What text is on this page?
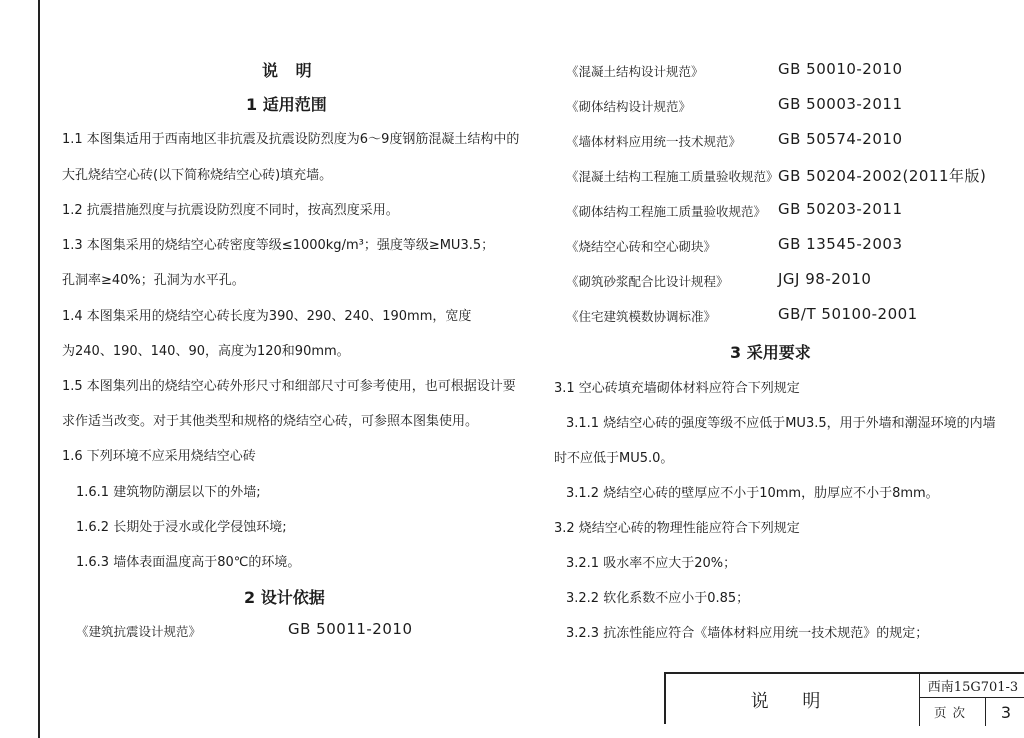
说 明
1 适用范围
1.1 本图集适用于西南地区非抗震及抗震设防烈度为6～9度钢筋混凝土结构中的
大孔烧结空心砖(以下简称烧结空心砖)填充墙。
1.2 抗震措施烈度与抗震设防烈度不同时，按高烈度采用。
1.3 本图集采用的烧结空心砖密度等级≤1000kg/m³；强度等级≥MU3.5；
孔洞率≥40%；孔洞为水平孔。
1.4 本图集采用的烧结空心砖长度为390、290、240、190mm，宽度
为240、190、140、90，高度为120和90mm。
1.5 本图集列出的烧结空心砖外形尺寸和细部尺寸可参考使用，也可根据设计要
求作适当改变。对于其他类型和规格的烧结空心砖，可参照本图集使用。
1.6 下列环境不应采用烧结空心砖
1.6.1 建筑物防潮层以下的外墙;
1.6.2 长期处于浸水或化学侵蚀环境;
1.6.3 墙体表面温度高于80℃的环境。
2 设计依据
《建筑抗震设计规范》	GB 50011-2010
《混凝土结构设计规范》	GB 50010-2010
《砌体结构设计规范》	GB 50003-2011
《墙体材料应用统一技术规范》 GB 50574-2010
《混凝土结构工程施工质量验收规范》 GB 50204-2002(2011年版)
《砌体结构工程施工质量验收规范》 GB 50203-2011
《烧结空心砖和空心砌块》	GB 13545-2003
《砌筑砂浆配合比设计规程》	JGJ 98-2010
《住宅建筑模数协调标准》	GB/T 50100-2001
3 采用要求
3.1 空心砖填充墙砌体材料应符合下列规定
3.1.1 烧结空心砖的强度等级不应低于MU3.5，用于外墙和潮湿环境的内墙
时不应低于MU5.0。
3.1.2 烧结空心砖的壁厚应不小于10mm，肋厚应不小于8mm。
3.2 烧结空心砖的物理性能应符合下列规定
3.2.1 吸水率不应大于20%；
3.2.2 软化系数不应小于0.85；
3.2.3 抗冻性能应符合《墙体材料应用统一技术规范》的规定；
说 明
西南15G701-3
页次	3
